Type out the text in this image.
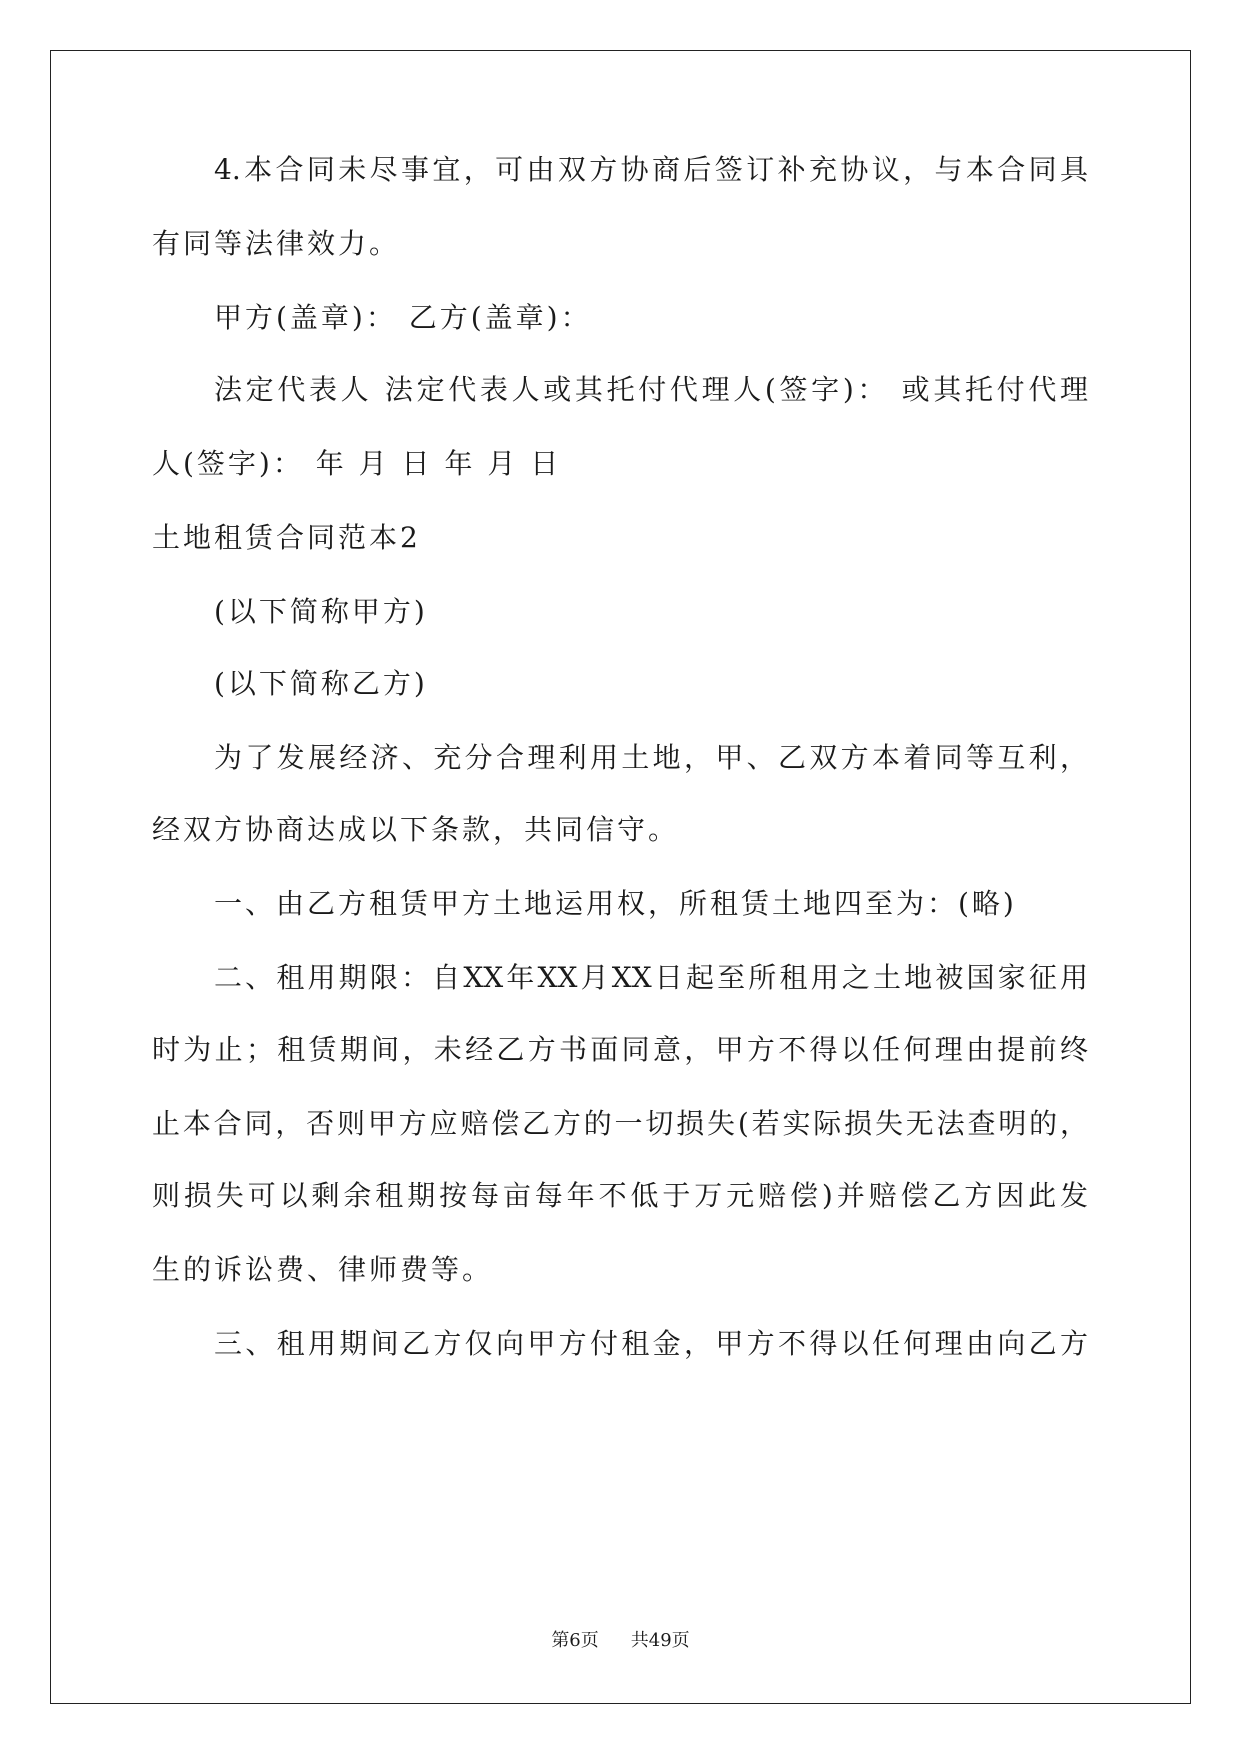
4.本合同未尽事宜，可由双方协商后签订补充协议，与本合同具
有同等法律效力。
甲方(盖章)： 乙方(盖章)：
法定代表人 法定代表人或其托付代理人(签字)： 或其托付代理
人(签字)： 年 月 日 年 月 日
土地租赁合同范本2
(以下简称甲方)
(以下简称乙方)
为了发展经济、充分合理利用土地，甲、乙双方本着同等互利，
经双方协商达成以下条款，共同信守。
一、由乙方租赁甲方土地运用权，所租赁土地四至为：(略)
二、租用期限：自XX年XX月XX日起至所租用之土地被国家征用
时为止；租赁期间，未经乙方书面同意，甲方不得以任何理由提前终
止本合同，否则甲方应赔偿乙方的一切损失(若实际损失无法查明的，
则损失可以剩余租期按每亩每年不低于万元赔偿)并赔偿乙方因此发
生的诉讼费、律师费等。
三、租用期间乙方仅向甲方付租金，甲方不得以任何理由向乙方
第6页 共49页
